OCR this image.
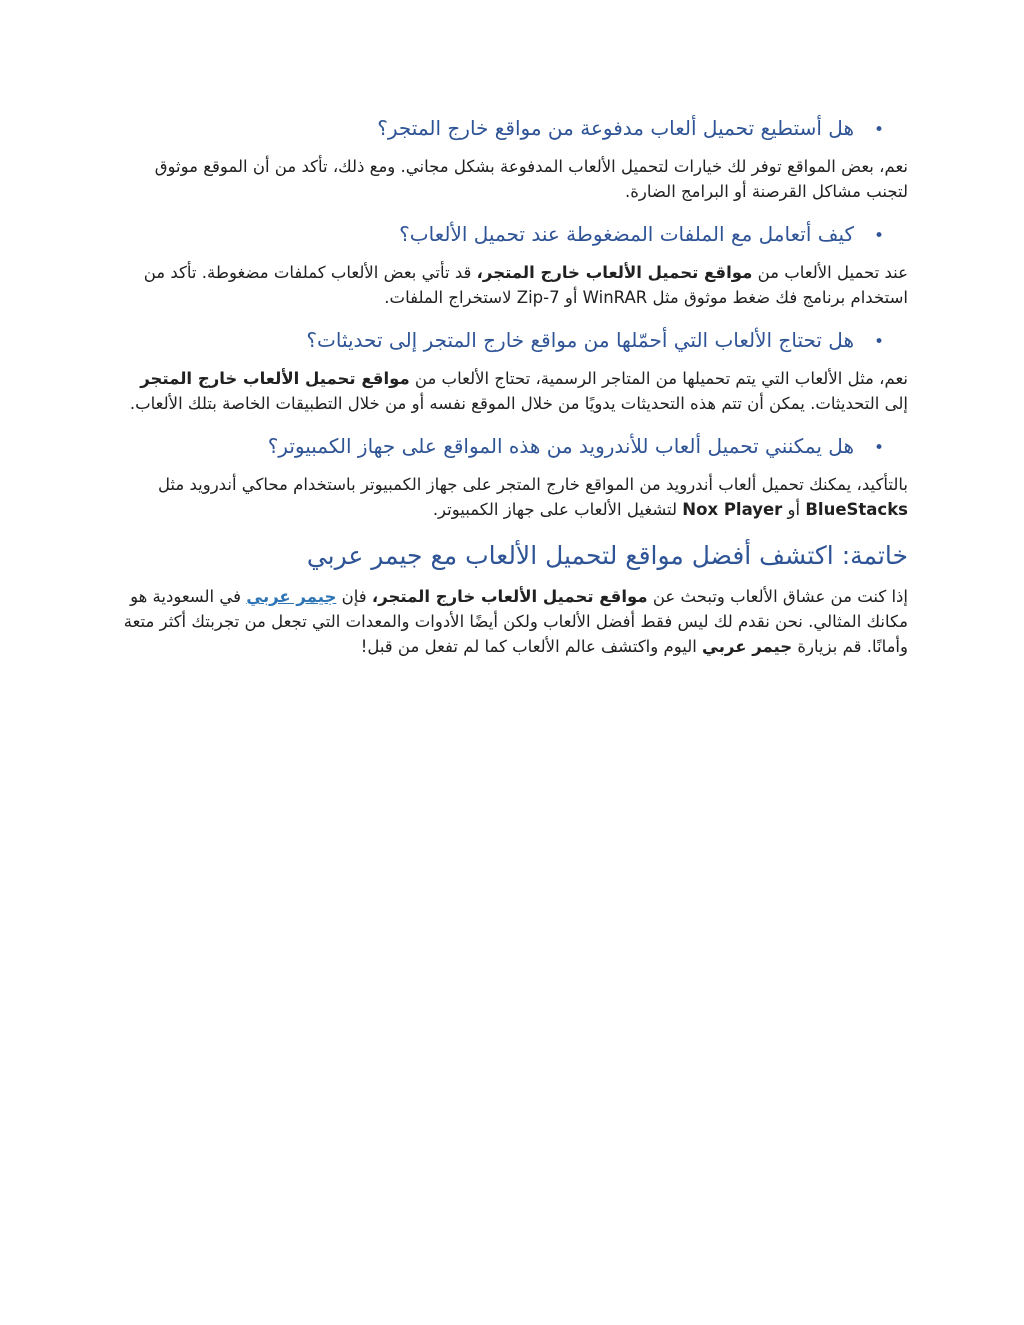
•
هل أستطيع تحميل ألعاب مدفوعة من مواقع خارج المتجر؟

نعم، بعض المواقع توفر لك خيارات لتحميل الألعاب المدفوعة بشكل مجاني. ومع ذلك، تأكد من أن الموقع موثوق لتجنب مشاكل القرصنة أو البرامج الضارة.

•
كيف أتعامل مع الملفات المضغوطة عند تحميل الألعاب؟

عند تحميل الألعاب من مواقع تحميل الألعاب خارج المتجر، قد تأتي بعض الألعاب كملفات مضغوطة. تأكد من استخدام برنامج فك ضغط موثوق مثل WinRAR أو 7-Zip لاستخراج الملفات.

•
هل تحتاج الألعاب التي أحمّلها من مواقع خارج المتجر إلى تحديثات؟

نعم، مثل الألعاب التي يتم تحميلها من المتاجر الرسمية، تحتاج الألعاب من مواقع تحميل الألعاب خارج المتجر إلى التحديثات. يمكن أن تتم هذه التحديثات يدويًا من خلال الموقع نفسه أو من خلال التطبيقات الخاصة بتلك الألعاب.

•
هل يمكنني تحميل ألعاب للأندرويد من هذه المواقع على جهاز الكمبيوتر؟

بالتأكيد، يمكنك تحميل ألعاب أندرويد من المواقع خارج المتجر على جهاز الكمبيوتر باستخدام محاكي أندرويد مثل BlueStacks أو Nox Player لتشغيل الألعاب على جهاز الكمبيوتر.

خاتمة: اكتشف أفضل مواقع لتحميل الألعاب مع جيمر عربي

إذا كنت من عشاق الألعاب وتبحث عن مواقع تحميل الألعاب خارج المتجر، فإن جيمر عربي في السعودية هو مكانك المثالي. نحن نقدم لك ليس فقط أفضل الألعاب ولكن أيضًا الأدوات والمعدات التي تجعل من تجربتك أكثر متعة وأمانًا. قم بزيارة جيمر عربي اليوم واكتشف عالم الألعاب كما لم تفعل من قبل!
